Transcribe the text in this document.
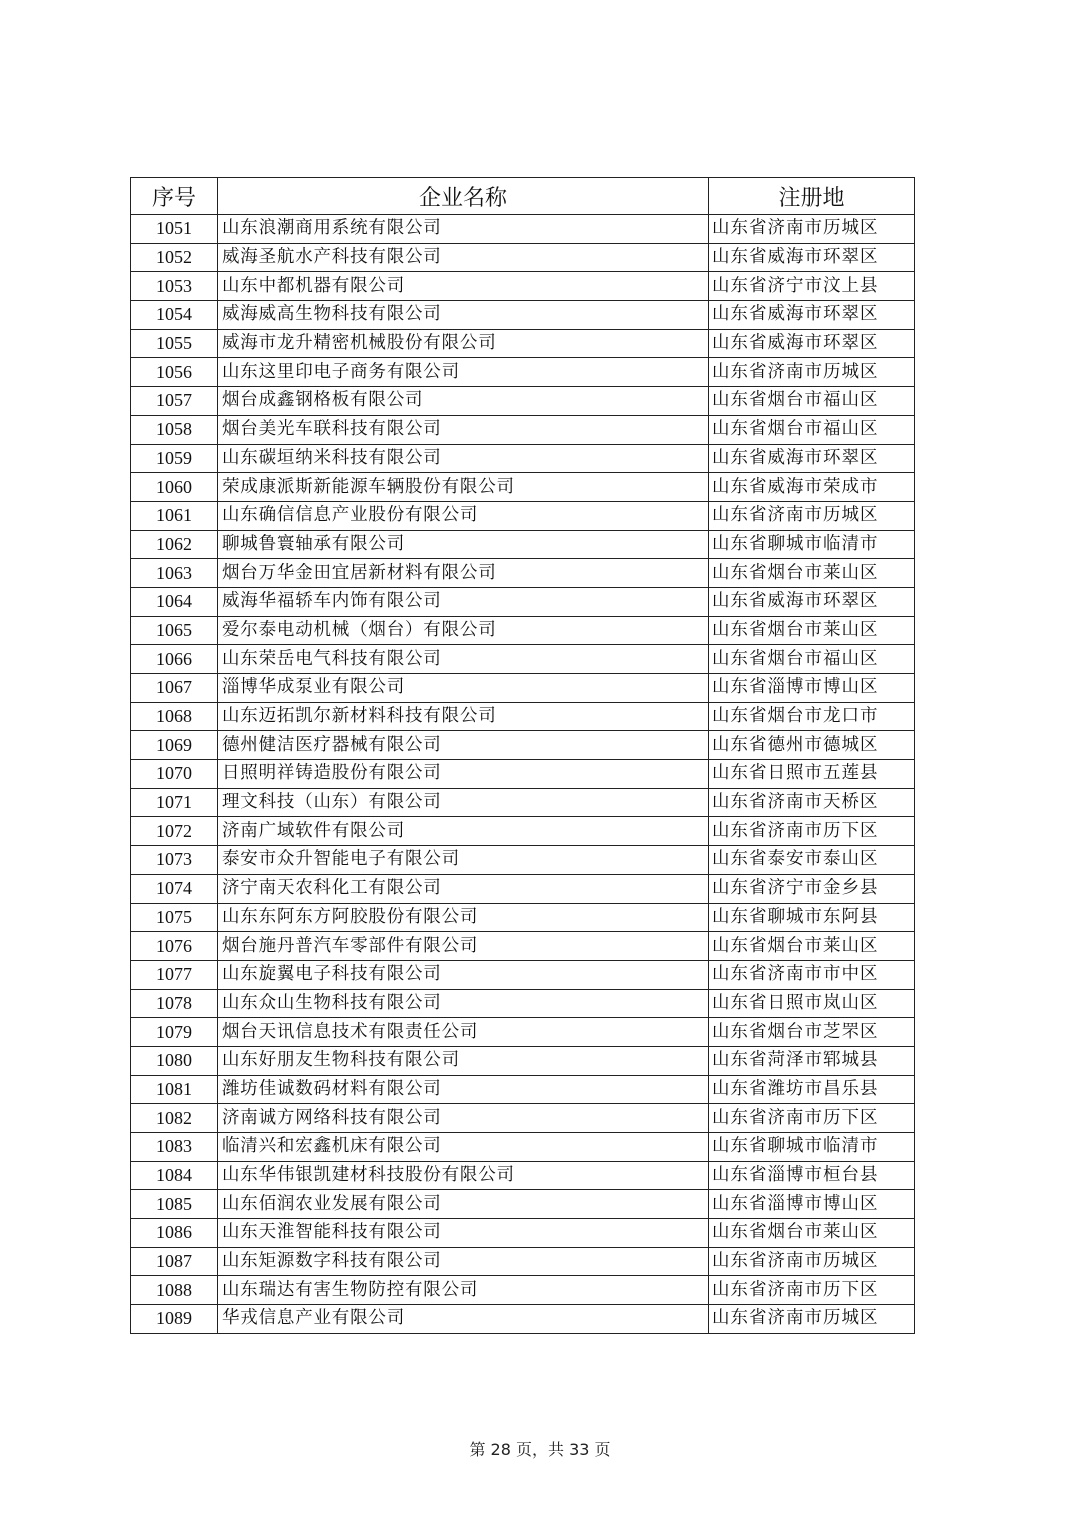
序号	企业名称	注册地
1051	山东浪潮商用系统有限公司	山东省济南市历城区
1052	威海圣航水产科技有限公司	山东省威海市环翠区
1053	山东中都机器有限公司	山东省济宁市汶上县
1054	威海威高生物科技有限公司	山东省威海市环翠区
1055	威海市龙升精密机械股份有限公司	山东省威海市环翠区
1056	山东这里印电子商务有限公司	山东省济南市历城区
1057	烟台成鑫钢格板有限公司	山东省烟台市福山区
1058	烟台美光车联科技有限公司	山东省烟台市福山区
1059	山东碳垣纳米科技有限公司	山东省威海市环翠区
1060	荣成康派斯新能源车辆股份有限公司	山东省威海市荣成市
1061	山东确信信息产业股份有限公司	山东省济南市历城区
1062	聊城鲁寰轴承有限公司	山东省聊城市临清市
1063	烟台万华金田宜居新材料有限公司	山东省烟台市莱山区
1064	威海华福轿车内饰有限公司	山东省威海市环翠区
1065	爱尔泰电动机械（烟台）有限公司	山东省烟台市莱山区
1066	山东荣岳电气科技有限公司	山东省烟台市福山区
1067	淄博华成泵业有限公司	山东省淄博市博山区
1068	山东迈拓凯尔新材料科技有限公司	山东省烟台市龙口市
1069	德州健洁医疗器械有限公司	山东省德州市德城区
1070	日照明祥铸造股份有限公司	山东省日照市五莲县
1071	理文科技（山东）有限公司	山东省济南市天桥区
1072	济南广域软件有限公司	山东省济南市历下区
1073	泰安市众升智能电子有限公司	山东省泰安市泰山区
1074	济宁南天农科化工有限公司	山东省济宁市金乡县
1075	山东东阿东方阿胶股份有限公司	山东省聊城市东阿县
1076	烟台施丹普汽车零部件有限公司	山东省烟台市莱山区
1077	山东旋翼电子科技有限公司	山东省济南市市中区
1078	山东众山生物科技有限公司	山东省日照市岚山区
1079	烟台天讯信息技术有限责任公司	山东省烟台市芝罘区
1080	山东好朋友生物科技有限公司	山东省菏泽市郓城县
1081	潍坊佳诚数码材料有限公司	山东省潍坊市昌乐县
1082	济南诚方网络科技有限公司	山东省济南市历下区
1083	临清兴和宏鑫机床有限公司	山东省聊城市临清市
1084	山东华伟银凯建材科技股份有限公司	山东省淄博市桓台县
1085	山东佰润农业发展有限公司	山东省淄博市博山区
1086	山东天淮智能科技有限公司	山东省烟台市莱山区
1087	山东矩源数字科技有限公司	山东省济南市历城区
1088	山东瑞达有害生物防控有限公司	山东省济南市历下区
1089	华戎信息产业有限公司	山东省济南市历城区
第 28 页，共 33 页
